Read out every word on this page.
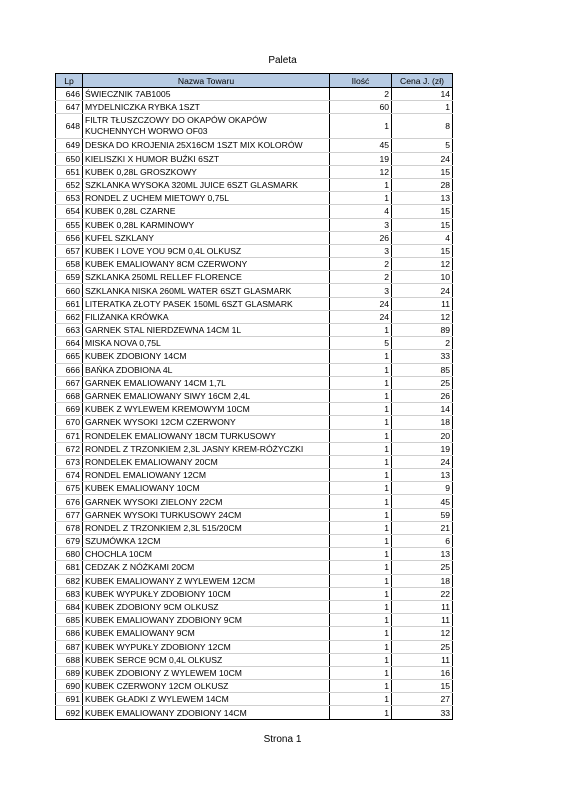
Paleta
Lp	Nazwa Towaru	Ilość	Cena J. (zł)
646	ŚWIECZNIK 7AB1005	2	14
647	MYDELNICZKA RYBKA 1SZT	60	1
648	FILTR TŁUSZCZOWY DO OKAPÓW OKAPÓW KUCHENNYCH WORWO OF03	1	8
649	DESKA DO KROJENIA 25X16CM 1SZT MIX KOLORÓW	45	5
650	KIELISZKI X HUMOR BUŹKI 6SZT	19	24
651	KUBEK 0,28L GROSZKOWY	12	15
652	SZKLANKA WYSOKA 320ML JUICE 6SZT GLASMARK	1	28
653	RONDEL Z UCHEM MIETOWY 0,75L	1	13
654	KUBEK 0,28L CZARNE	4	15
655	KUBEK 0,28L KARMINOWY	3	15
656	KUFEL SZKLANY	26	4
657	KUBEK I LOVE YOU 9CM 0,4L OLKUSZ	3	15
658	KUBEK EMALIOWANY 8CM CZERWONY	2	12
659	SZKLANKA 250ML RELLEF FLORENCE	2	10
660	SZKLANKA NISKA 260ML WATER 6SZT GLASMARK	3	24
661	LITERATKA ZŁOTY PASEK 150ML 6SZT GLASMARK	24	11
662	FILIŻANKA KRÓWKA	24	12
663	GARNEK STAL NIERDZEWNA 14CM 1L	1	89
664	MISKA NOVA 0,75L	5	2
665	KUBEK ZDOBIONY 14CM	1	33
666	BAŃKA ZDOBIONA 4L	1	85
667	GARNEK EMALIOWANY 14CM 1,7L	1	25
668	GARNEK EMALIOWANY SIWY 16CM 2,4L	1	26
669	KUBEK Z WYLEWEM KREMOWYM 10CM	1	14
670	GARNEK WYSOKI 12CM CZERWONY	1	18
671	RONDELEK EMALIOWANY 18CM TURKUSOWY	1	20
672	RONDEL Z TRZONKIEM 2,3L JASNY KREM-RÓŻYCZKI	1	19
673	RONDELEK EMALIOWANY 20CM	1	24
674	RONDEL EMALIOWANY 12CM	1	13
675	KUBEK EMALIOWANY 10CM	1	9
676	GARNEK WYSOKI ZIELONY 22CM	1	45
677	GARNEK WYSOKI TURKUSOWY 24CM	1	59
678	RONDEL Z TRZONKIEM 2,3L 515/20CM	1	21
679	SZUMÓWKA 12CM	1	6
680	CHOCHLA 10CM	1	13
681	CEDZAK Z NÓŻKAMI 20CM	1	25
682	KUBEK EMALIOWANY Z WYLEWEM 12CM	1	18
683	KUBEK WYPUKŁY ZDOBIONY 10CM	1	22
684	KUBEK ZDOBIONY 9CM OLKUSZ	1	11
685	KUBEK EMALIOWANY ZDOBIONY 9CM	1	11
686	KUBEK EMALIOWANY 9CM	1	12
687	KUBEK WYPUKŁY ZDOBIONY 12CM	1	25
688	KUBEK SERCE 9CM 0,4L OLKUSZ	1	11
689	KUBEK ZDOBIONY Z WYLEWEM 10CM	1	16
690	KUBEK CZERWONY 12CM OLKUSZ	1	15
691	KUBEK GŁADKI Z WYLEWEM 14CM	1	27
692	KUBEK EMALIOWANY ZDOBIONY 14CM	1	33
Strona 1
